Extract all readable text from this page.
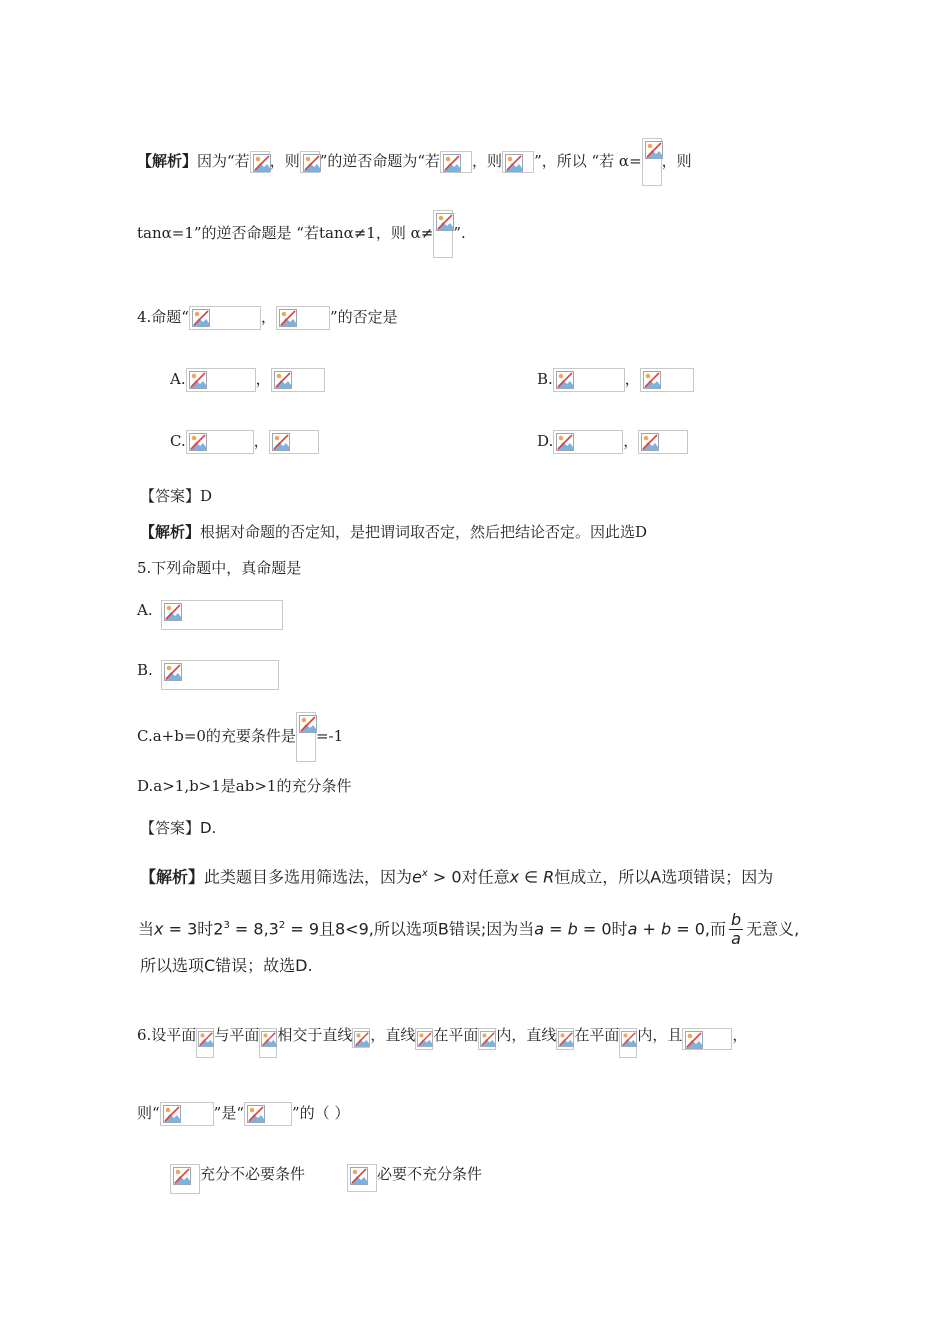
【解析】因为“若 ，则 ”的逆否命题为“若 ，则 ”，所以 “若 α= ，则
tanα=1”的逆否命题是 “若tanα≠1，则 α≠ ”.
4.命题“	，	”的否定是
A.	，	B.	，
C.	，	D.	，
【答案】D
【解析】根据对命题的否定知，是把谓词取否定，然后把结论否定。因此选D
5.下列命题中，真命题是
A.
B.
C.a+b=0的充要条件是 =-1
D.a>1,b>1是ab>1的充分条件
【答案】D.
【解析】此类题目多选用筛选法，因为$e^x > 0$对任意x ∈ R恒成立，所以A选项错误；因为
当x = 3时$2^3 = 8,3^2 = 9$且8<9,所以选项B错误;因为当a = b = 0时a + b = 0,而 $\frac{b}{a}$ 无意义,
所以选项C错误；故选D.
6.设平面 与平面 相交于直线 ，直线 在平面 内，直线 在平面 内，且	，
则“	”是“	”的（ ）
充分不必要条件	必要不充分条件
